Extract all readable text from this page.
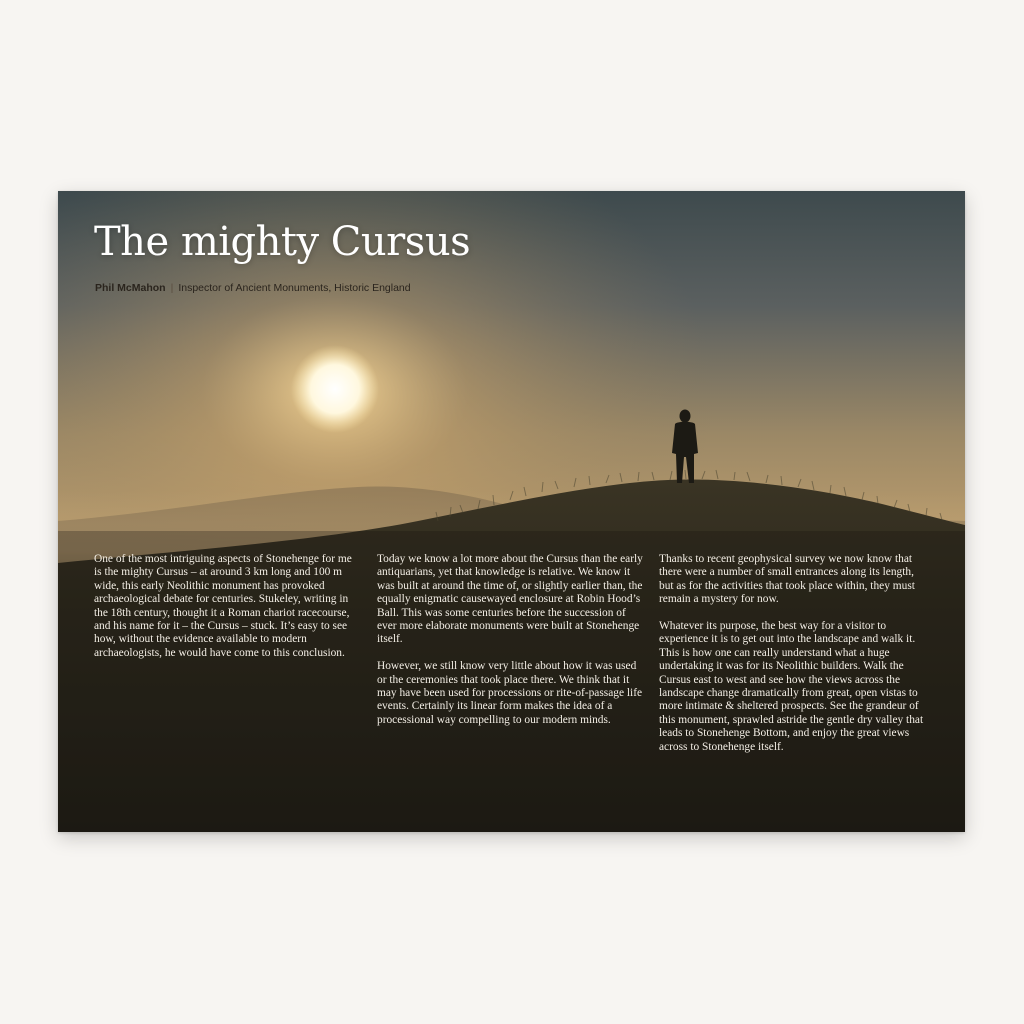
The mighty Cursus
Phil McMahon | Inspector of Ancient Monuments, Historic England

One of the most intriguing aspects of Stonehenge for me is the mighty Cursus – at around 3 km long and 100 m wide, this early Neolithic monument has provoked archaeological debate for centuries. Stukeley, writing in the 18th century, thought it a Roman chariot racecourse, and his name for it – the Cursus – stuck. It’s easy to see how, without the evidence available to modern archaeologists, he would have come to this conclusion.

Today we know a lot more about the Cursus than the early antiquarians, yet that knowledge is relative. We know it was built at around the time of, or slightly earlier than, the equally enigmatic causewayed enclosure at Robin Hood’s Ball. This was some centuries before the succession of ever more elaborate monuments were built at Stonehenge itself.

However, we still know very little about how it was used or the ceremonies that took place there. We think that it may have been used for processions or rite-of-passage life events. Certainly its linear form makes the idea of a processional way compelling to our modern minds.

Thanks to recent geophysical survey we now know that there were a number of small entrances along its length, but as for the activities that took place within, they must remain a mystery for now.

Whatever its purpose, the best way for a visitor to experience it is to get out into the landscape and walk it. This is how one can really understand what a huge undertaking it was for its Neolithic builders. Walk the Cursus east to west and see how the views across the landscape change dramatically from great, open vistas to more intimate & sheltered prospects. See the grandeur of this monument, sprawled astride the gentle dry valley that leads to Stonehenge Bottom, and enjoy the great views across to Stonehenge itself.
